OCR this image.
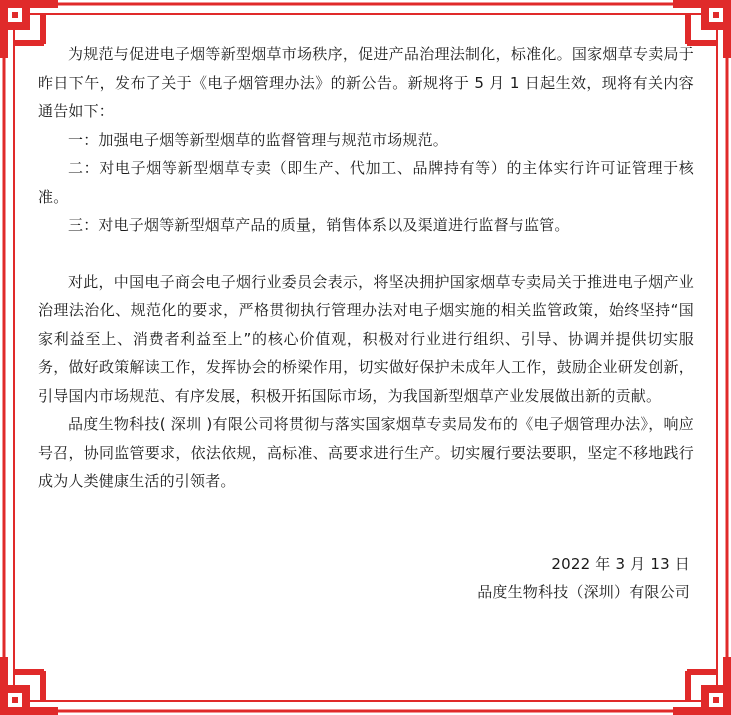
为规范与促进电子烟等新型烟草市场秩序，促进产品治理法制化，标准化。国家烟草专卖局于昨日下午，发布了关于《电子烟管理办法》的新公告。新规将于 5 月 1 日起生效，现将有关内容通告如下：

一：加强电子烟等新型烟草的监督管理与规范市场规范。

二：对电子烟等新型烟草专卖（即生产、代加工、品牌持有等）的主体实行许可证管理于核准。

三：对电子烟等新型烟草产品的质量，销售体系以及渠道进行监督与监管。

对此，中国电子商会电子烟行业委员会表示，将坚决拥护国家烟草专卖局关于推进电子烟产业治理法治化、规范化的要求，严格贯彻执行管理办法对电子烟实施的相关监管政策，始终坚持“国家利益至上、消费者利益至上”的核心价值观，积极对行业进行组织、引导、协调并提供切实服务，做好政策解读工作，发挥协会的桥梁作用，切实做好保护未成年人工作，鼓励企业研发创新，引导国内市场规范、有序发展，积极开拓国际市场，为我国新型烟草产业发展做出新的贡献。

品度生物科技( 深圳 )有限公司将贯彻与落实国家烟草专卖局发布的《电子烟管理办法》，响应号召，协同监管要求，依法依规，高标准、高要求进行生产。切实履行要法要职，坚定不移地践行成为人类健康生活的引领者。

2022 年 3 月 13 日

品度生物科技（深圳）有限公司
